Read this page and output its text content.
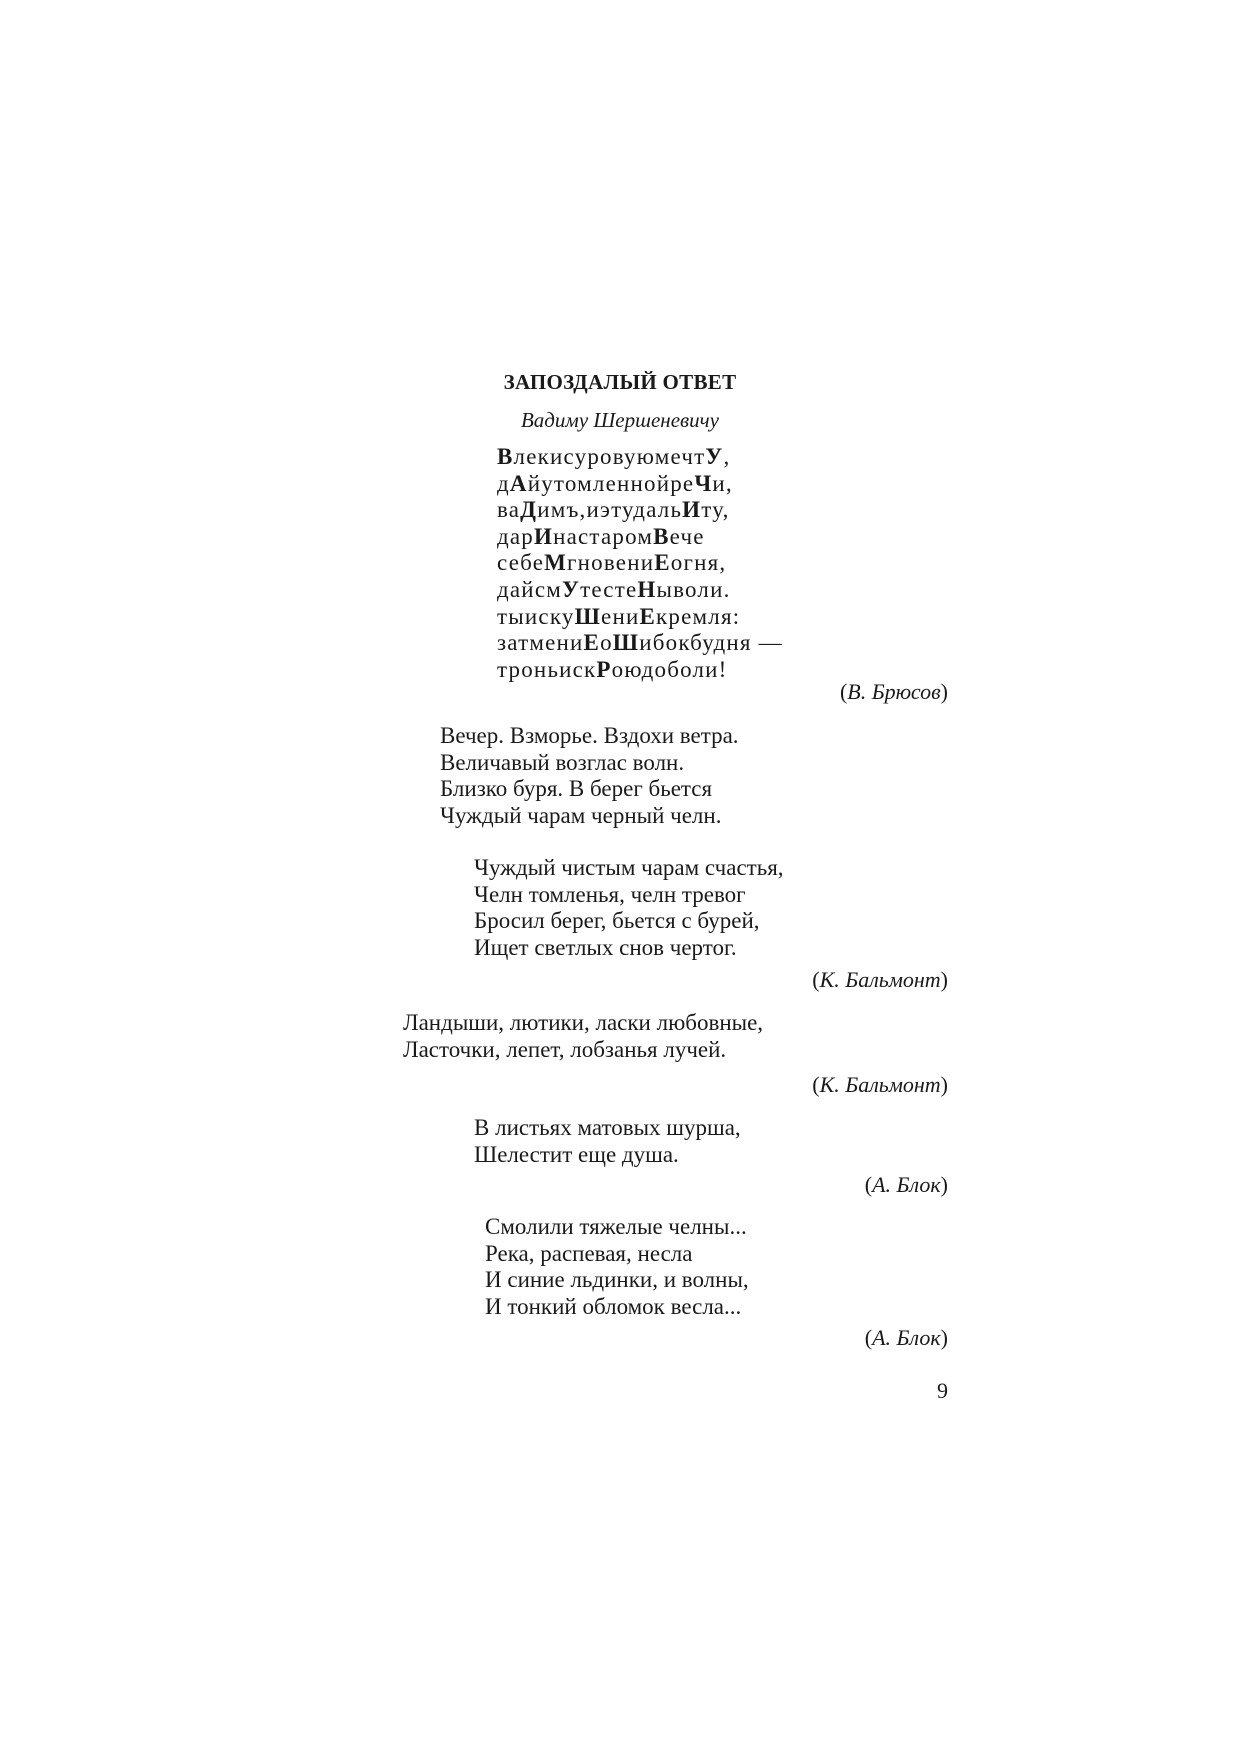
ЗАПОЗДАЛЫЙ ОТВЕТ
Вадиму Шершеневичу
ВлекисуровуюмечтУ,
дАйутомленнойреЧи,
ваДимъ,иэтудальИту,
дарИнастаромВече
себеМгновениЕогня,
дайсмУтестеНыволи.
тыискуШениЕкремля:
затмениЕоШибокбудня —
троньискРоюдоболи!
(В. Брюсов)
Вечер. Взморье. Вздохи ветра.
Величавый возглас волн.
Близко буря. В берег бьется
Чуждый чарам черный челн.
Чуждый чистым чарам счастья,
Челн томленья, челн тревог
Бросил берег, бьется с бурей,
Ищет светлых снов чертог.
(К. Бальмонт)
Ландыши, лютики, ласки любовные,
Ласточки, лепет, лобзанья лучей.
(К. Бальмонт)
В листьях матовых шурша,
Шелестит еще душа.
(А. Блок)
Смолили тяжелые челны...
Река, распевая, несла
И синие льдинки, и волны,
И тонкий обломок весла...
(А. Блок)
9
